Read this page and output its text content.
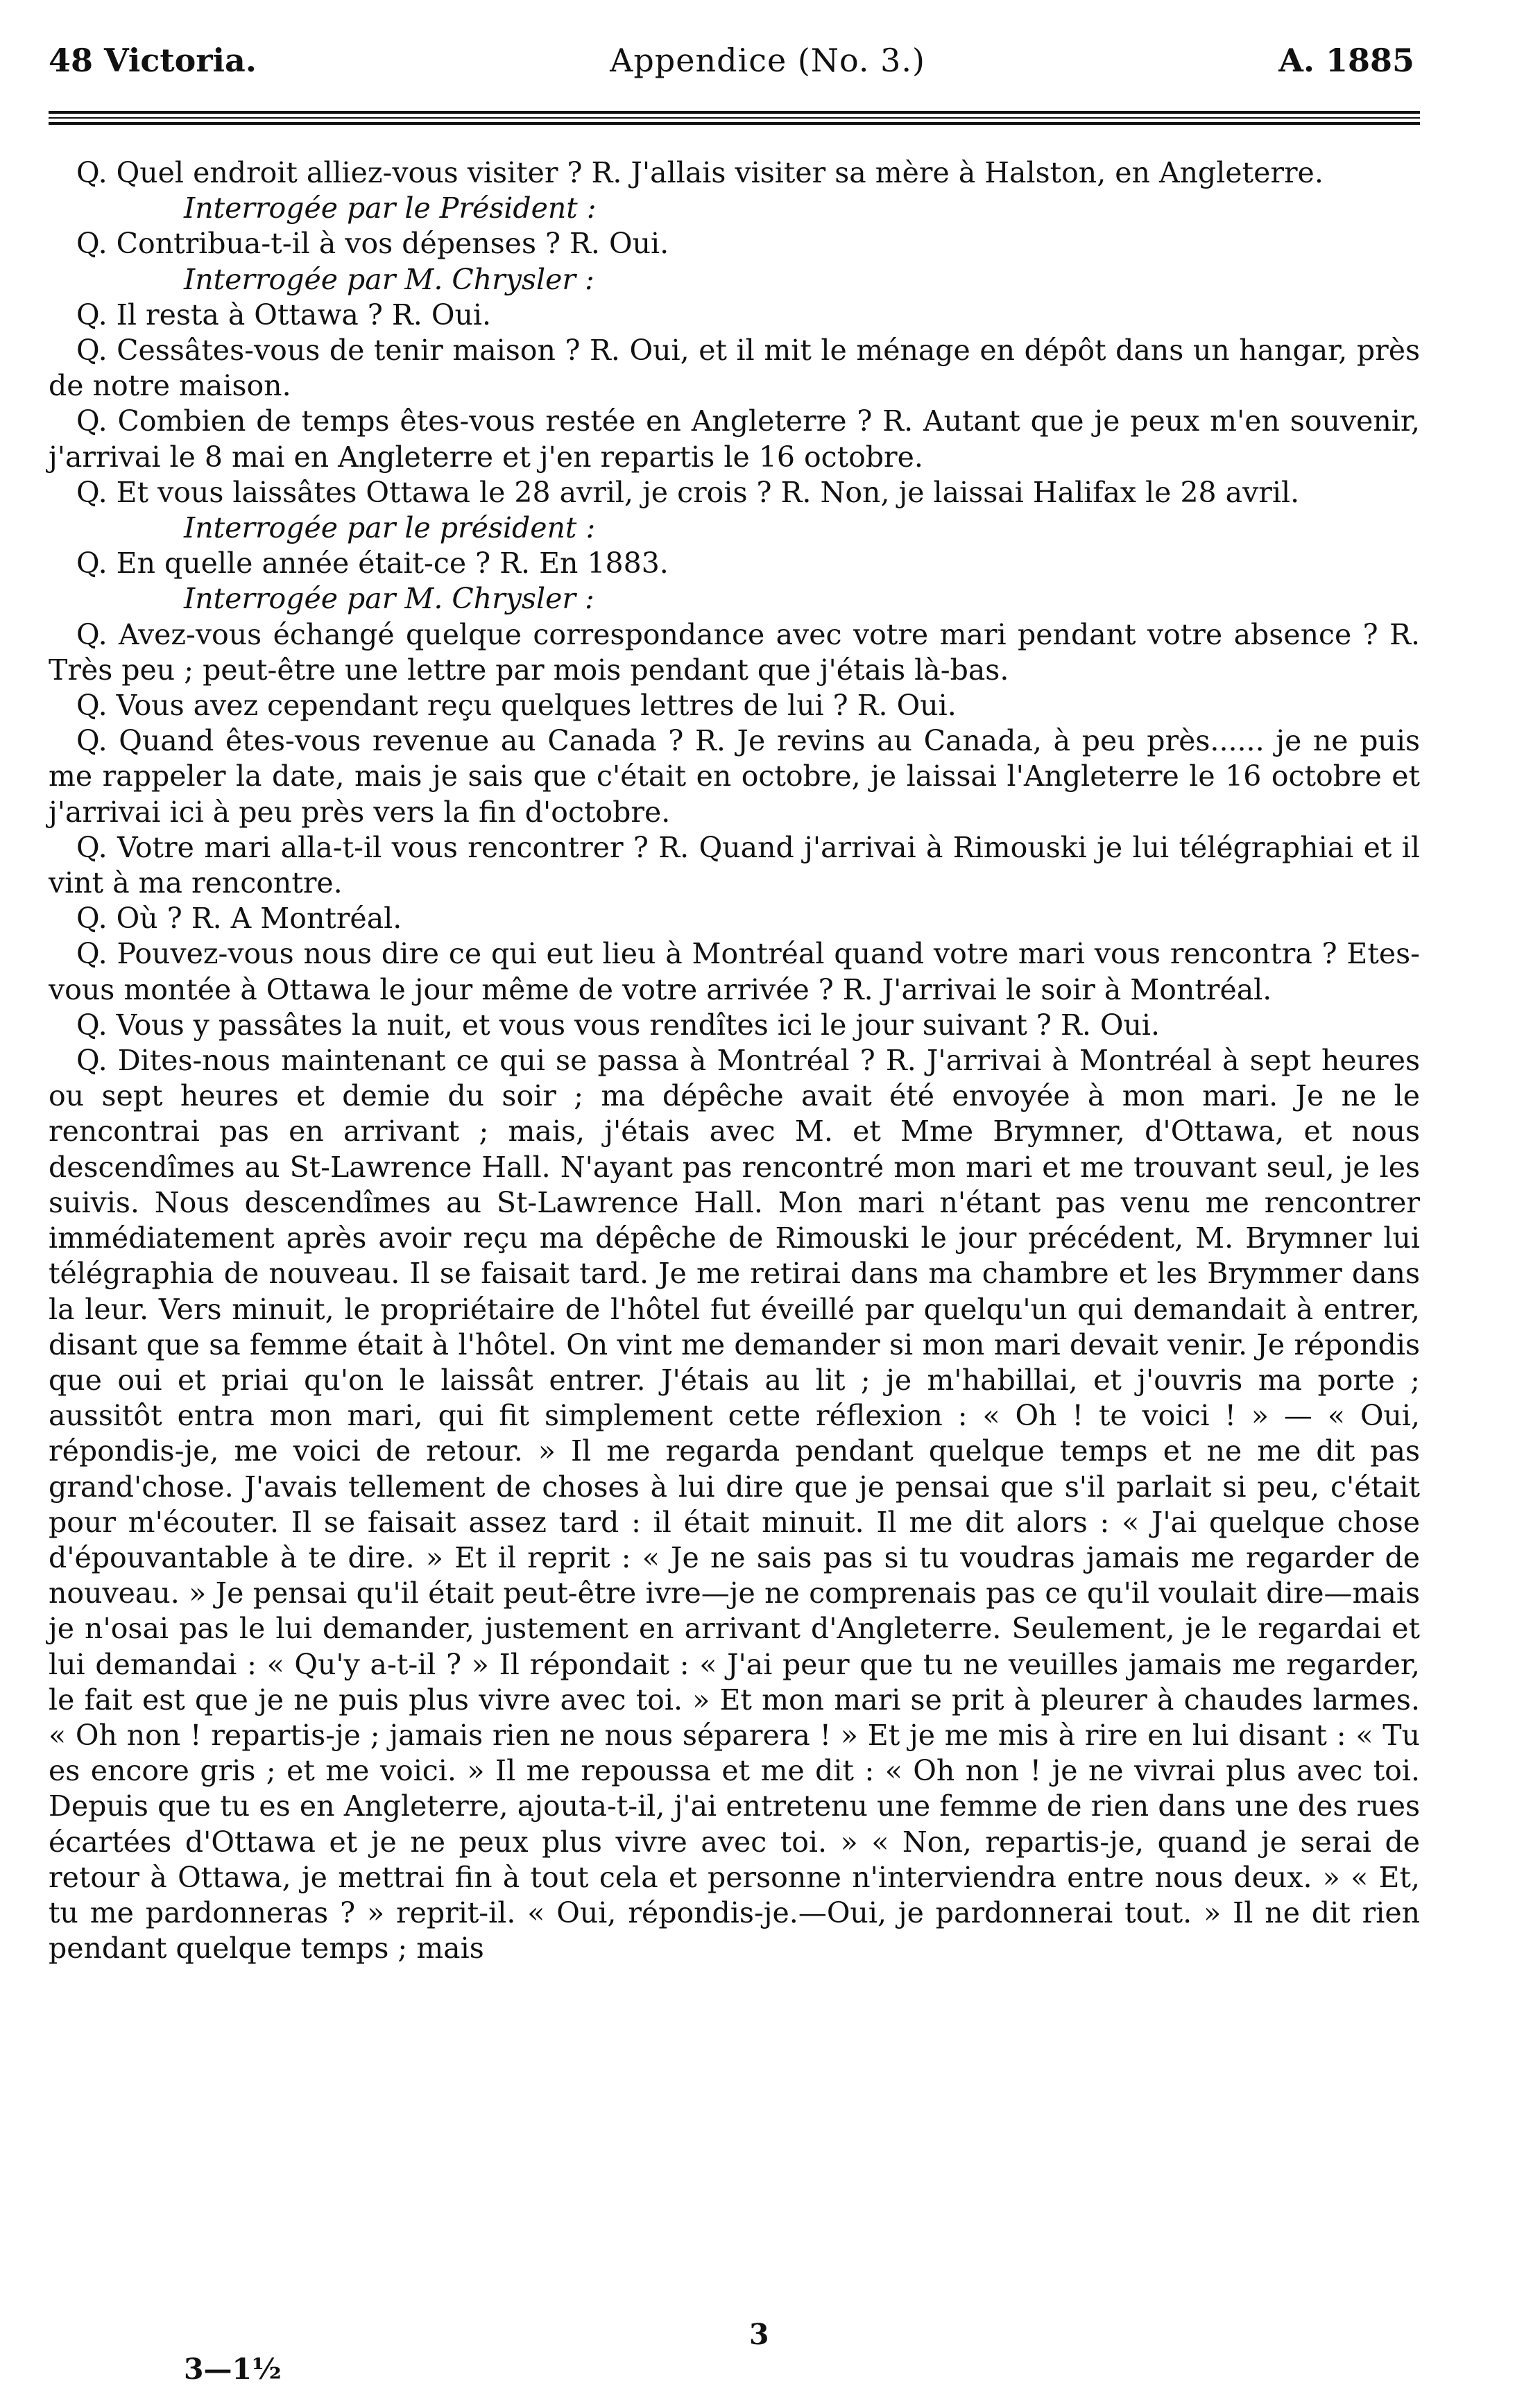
48 Victoria.	Appendice (No. 3.)	A. 1885

Q. Quel endroit alliez-vous visiter ? R. J'allais visiter sa mère à Halston, en Angleterre.

Interrogée par le Président :

Q. Contribua-t-il à vos dépenses ? R. Oui.

Interrogée par M. Chrysler :

Q. Il resta à Ottawa ? R. Oui.

Q. Cessâtes-vous de tenir maison ? R. Oui, et il mit le ménage en dépôt dans un hangar, près de notre maison.

Q. Combien de temps êtes-vous restée en Angleterre ? R. Autant que je peux m'en souvenir, j'arrivai le 8 mai en Angleterre et j'en repartis le 16 octobre.

Q. Et vous laissâtes Ottawa le 28 avril, je crois ? R. Non, je laissai Halifax le 28 avril.

Interrogée par le président :

Q. En quelle année était-ce ? R. En 1883.

Interrogée par M. Chrysler :

Q. Avez-vous échangé quelque correspondance avec votre mari pendant votre absence ? R. Très peu ; peut-être une lettre par mois pendant que j'étais là-bas.

Q. Vous avez cependant reçu quelques lettres de lui ? R. Oui.

Q. Quand êtes-vous revenue au Canada ? R. Je revins au Canada, à peu près...... je ne puis me rappeler la date, mais je sais que c'était en octobre, je laissai l'Angleterre le 16 octobre et j'arrivai ici à peu près vers la fin d'octobre.

Q. Votre mari alla-t-il vous rencontrer ? R. Quand j'arrivai à Rimouski je lui télégraphiai et il vint à ma rencontre.

Q. Où ? R. A Montréal.

Q. Pouvez-vous nous dire ce qui eut lieu à Montréal quand votre mari vous rencontra ? Etes-vous montée à Ottawa le jour même de votre arrivée ? R. J'arrivai le soir à Montréal.

Q. Vous y passâtes la nuit, et vous vous rendîtes ici le jour suivant ? R. Oui.

Q. Dites-nous maintenant ce qui se passa à Montréal ? R. J'arrivai à Montréal à sept heures ou sept heures et demie du soir ; ma dépêche avait été envoyée à mon mari. Je ne le rencontrai pas en arrivant ; mais, j'étais avec M. et Mme Brymner, d'Ottawa, et nous descendîmes au St-Lawrence Hall. N'ayant pas rencontré mon mari et me trouvant seul, je les suivis. Nous descendîmes au St-Lawrence Hall. Mon mari n'étant pas venu me rencontrer immédiatement après avoir reçu ma dépêche de Rimouski le jour précédent, M. Brymner lui télégraphia de nouveau. Il se faisait tard. Je me retirai dans ma chambre et les Brymmer dans la leur. Vers minuit, le propriétaire de l'hôtel fut éveillé par quelqu'un qui demandait à entrer, disant que sa femme était à l'hôtel. On vint me demander si mon mari devait venir. Je répondis que oui et priai qu'on le laissât entrer. J'étais au lit ; je m'habillai, et j'ouvris ma porte ; aussitôt entra mon mari, qui fit simplement cette réflexion : « Oh ! te voici ! » — « Oui, répondis-je, me voici de retour. » Il me regarda pendant quelque temps et ne me dit pas grand'chose. J'avais tellement de choses à lui dire que je pensai que s'il parlait si peu, c'était pour m'écouter. Il se faisait assez tard : il était minuit. Il me dit alors : « J'ai quelque chose d'épouvantable à te dire. » Et il reprit : « Je ne sais pas si tu voudras jamais me regarder de nouveau. » Je pensai qu'il était peut-être ivre—je ne comprenais pas ce qu'il voulait dire—mais je n'osai pas le lui demander, justement en arrivant d'Angleterre. Seulement, je le regardai et lui demandai : « Qu'y a-t-il ? » Il répondait : « J'ai peur que tu ne veuilles jamais me regarder, le fait est que je ne puis plus vivre avec toi. » Et mon mari se prit à pleurer à chaudes larmes. « Oh non ! repartis-je ; jamais rien ne nous séparera ! » Et je me mis à rire en lui disant : « Tu es encore gris ; et me voici. » Il me repoussa et me dit : « Oh non ! je ne vivrai plus avec toi. Depuis que tu es en Angleterre, ajouta-t-il, j'ai entretenu une femme de rien dans une des rues écartées d'Ottawa et je ne peux plus vivre avec toi. » « Non, repartis-je, quand je serai de retour à Ottawa, je mettrai fin à tout cela et personne n'interviendra entre nous deux. » « Et, tu me pardonneras ? » reprit-il. « Oui, répondis-je.—Oui, je pardonnerai tout. » Il ne dit rien pendant quelque temps ; mais

3
3—1½
